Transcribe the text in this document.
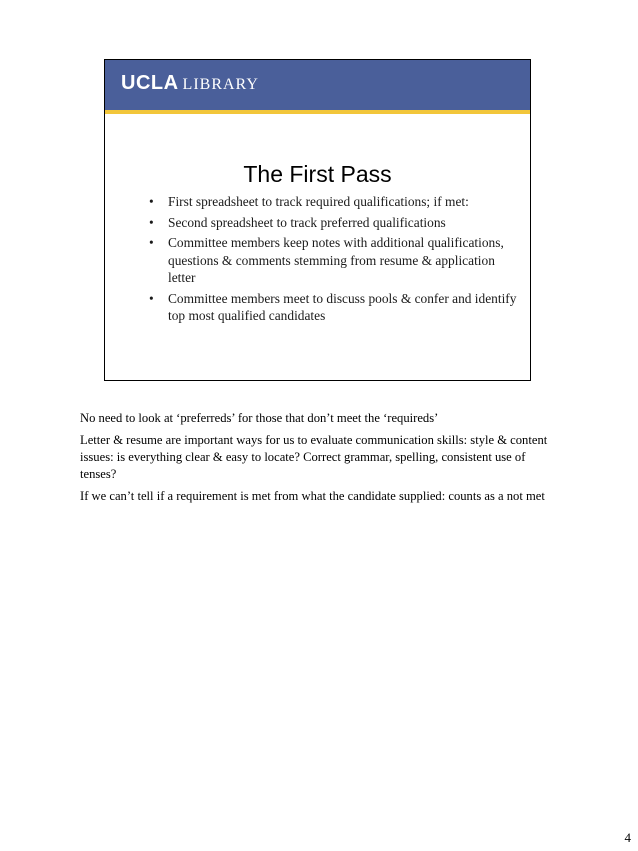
UCLA LIBRARY
The First Pass
• First spreadsheet to track required qualifications; if met:
• Second spreadsheet to track preferred qualifications
• Committee members keep notes with additional qualifications, questions & comments stemming from resume & application letter
• Committee members meet to discuss pools & confer and identify top most qualified candidates

No need to look at ‘preferreds’ for those that don’t meet the ‘requireds’

Letter & resume are important ways for us to evaluate communication skills: style & content issues: is everything clear & easy to locate? Correct grammar, spelling, consistent use of tenses?

If we can’t tell if a requirement is met from what the candidate supplied: counts as a not met

4
